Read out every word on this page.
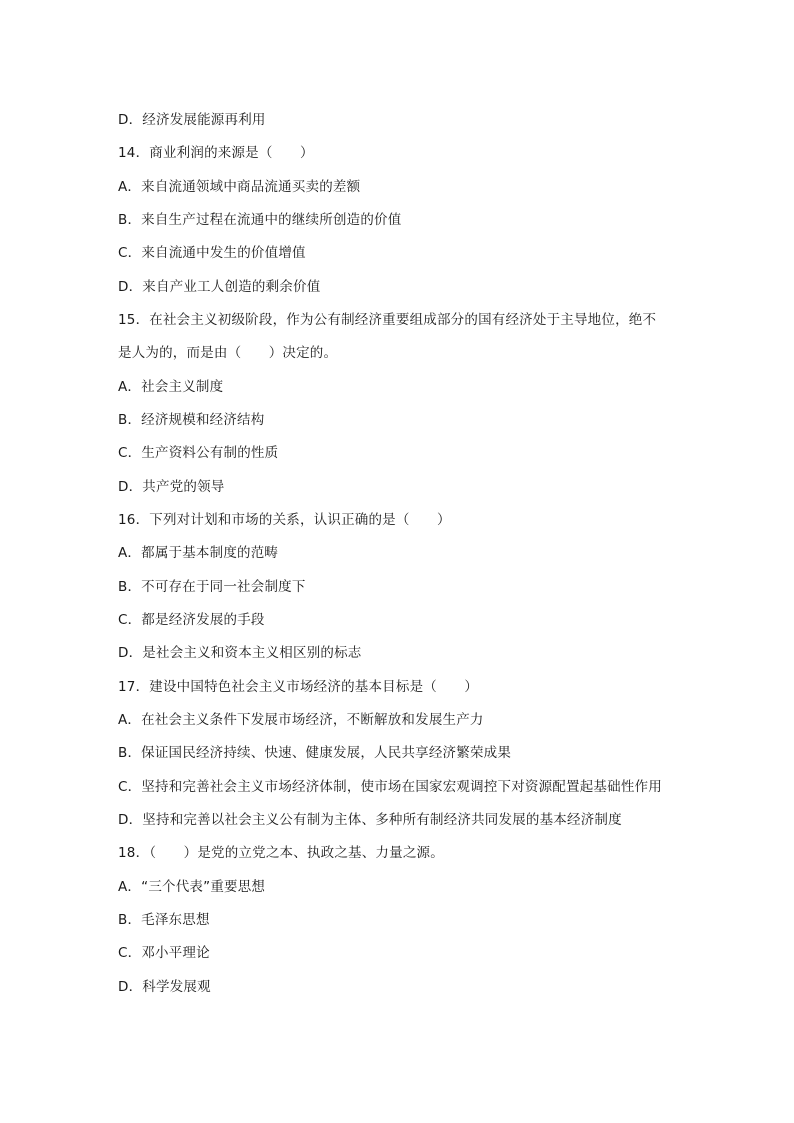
D．经济发展能源再利用
14．商业利润的来源是（　　）
A．来自流通领域中商品流通买卖的差额
B．来自生产过程在流通中的继续所创造的价值
C．来自流通中发生的价值增值
D．来自产业工人创造的剩余价值
15．在社会主义初级阶段，作为公有制经济重要组成部分的国有经济处于主导地位，绝不
是人为的，而是由（　　）决定的。
A．社会主义制度
B．经济规模和经济结构
C．生产资料公有制的性质
D．共产党的领导
16．下列对计划和市场的关系，认识正确的是（　　）
A．都属于基本制度的范畴
B．不可存在于同一社会制度下
C．都是经济发展的手段
D．是社会主义和资本主义相区别的标志
17．建设中国特色社会主义市场经济的基本目标是（　　）
A．在社会主义条件下发展市场经济，不断解放和发展生产力
B．保证国民经济持续、快速、健康发展，人民共享经济繁荣成果
C．坚持和完善社会主义市场经济体制，使市场在国家宏观调控下对资源配置起基础性作用
D．坚持和完善以社会主义公有制为主体、多种所有制经济共同发展的基本经济制度
18．（　　）是党的立党之本、执政之基、力量之源。
A．“三个代表”重要思想
B．毛泽东思想
C．邓小平理论
D．科学发展观
